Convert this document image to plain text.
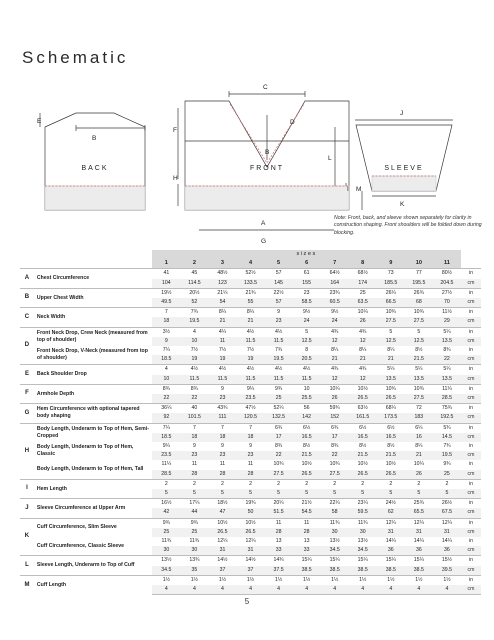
Schematic
BACK	FRONT	SLEEVE
C
E
B
F
D
B
H
I M
J
L
K
A
G
Note: Front, back, and sleeve shown separately for clarity in construction shaping. Front shoulders will be folded down during blocking.
		sizes											
		1	2	3	4	5	6	7	8	9	10	11	
A	Chest Circumference	41	45	48½	52½	57	61	64½	68½	73	77	80½	in
		104	114.5	123	133.5	145	155	164	174	185.5	195.5	204.5	cm
B	Upper Chest Width	19½	20½	21¼	21¾	22½	23	23¾	25	26¼	26¾	27½	in
		49.5	52	54	55	57	58.5	60.5	63.5	66.5	68	70	cm
C	Neck Width	7	7¾	8¼	8¼	9	9½	9½	10¼	10¾	10¾	11½	in
		18	19.5	21	21	23	24	24	26	27.5	27.5	29	cm
D	Front Neck Drop, Crew Neck (measured from top of shoulder)	3½	4	4¼	4½	4½	5	4¾	4¾	5	5	5¼	in
		9	10	11	11.5	11.5	12.5	12	12	12.5	12.5	13.5	cm
	Front Neck Drop, V-Neck (measured from top of shoulder)	7¼	7½	7½	7½	7¾	8	8¼	8¼	8¼	8½	8¾	in
		18.5	19	19	19	19.5	20.5	21	21	21	21.5	22	cm
E	Back Shoulder Drop	4	4½	4½	4½	4½	4½	4¾	4¾	5¼	5¼	5¼	in
		10	11.5	11.5	11.5	11.5	11.5	12	12	13.5	13.5	13.5	cm
F	Armhole Depth	8¾	8¾	9	9¼	9¾	10	10¼	10½	10¾	10¾	11¼	in
		22	22	23	23.5	25	25.5	26	26.5	26.5	27.5	28.5	cm
G	Hem Circumference with optional tapered body shaping	36¼	40	43¾	47½	52¼	56	59¾	63½	68¼	72	75¾	in
		92	101.5	111	120.5	132.5	142	152	161.5	173.5	183	192.5	cm
H	Body Length, Underarm to Top of Hem, Semi-Cropped	7¼	7	7	7	6¾	6½	6¾	6½	6½	6¼	5¾	in
		18.5	18	18	18	17	16.5	17	16.5	16.5	16	14.5	cm
	Body Length, Underarm to Top of Hem, Classic	9¼	9	9	9	8¾	8½	8¾	8½	8½	8¼	7¾	in
		23.5	23	23	23	22	21.5	22	21.5	21.5	21	19.5	cm
	Body Length, Underarm to Top of Hem, Tall	11¼	11	11	11	10¾	10½	10¾	10½	10½	10¼	9¾	in
		28.5	28	28	28	27.5	26.5	27.5	26.5	26.5	26	25	cm
I	Hem Length	2	2	2	2	2	2	2	2	2	2	2	in
		5	5	5	5	5	5	5	5	5	5	5	cm
J	Sleeve Circumference at Upper Arm	16½	17¼	18½	19¾	20¼	21½	22¼	23¼	24½	25¾	26½	in
		42	44	47	50	51.5	54.5	58	59.5	62	65.5	67.5	cm
K	Cuff Circumference, Slim Sleeve	9¾	9¾	10½	10½	11	11	11¾	11¾	12¼	12¼	12¼	in
		25	25	26.5	26.5	28	28	30	30	31	31	31	cm
	Cuff Circumference, Classic Sleeve	11¾	11¾	12¼	12¼	13	13	13½	13½	14¼	14¼	14¼	in
		30	30	31	31	33	33	34.5	34.5	36	36	36	cm
L	Sleeve Length, Underarm to Top of Cuff	13½	13¾	14½	14½	14¾	15¼	15¼	15¼	15¼	15¼	15½	in
		34.5	35	37	37	37.5	38.5	38.5	38.5	38.5	38.5	39.5	cm
M	Cuff Length	1½	1½	1½	1½	1½	1½	1½	1½	1½	1½	1½	in
		4	4	4	4	4	4	4	4	4	4	4	cm
5
